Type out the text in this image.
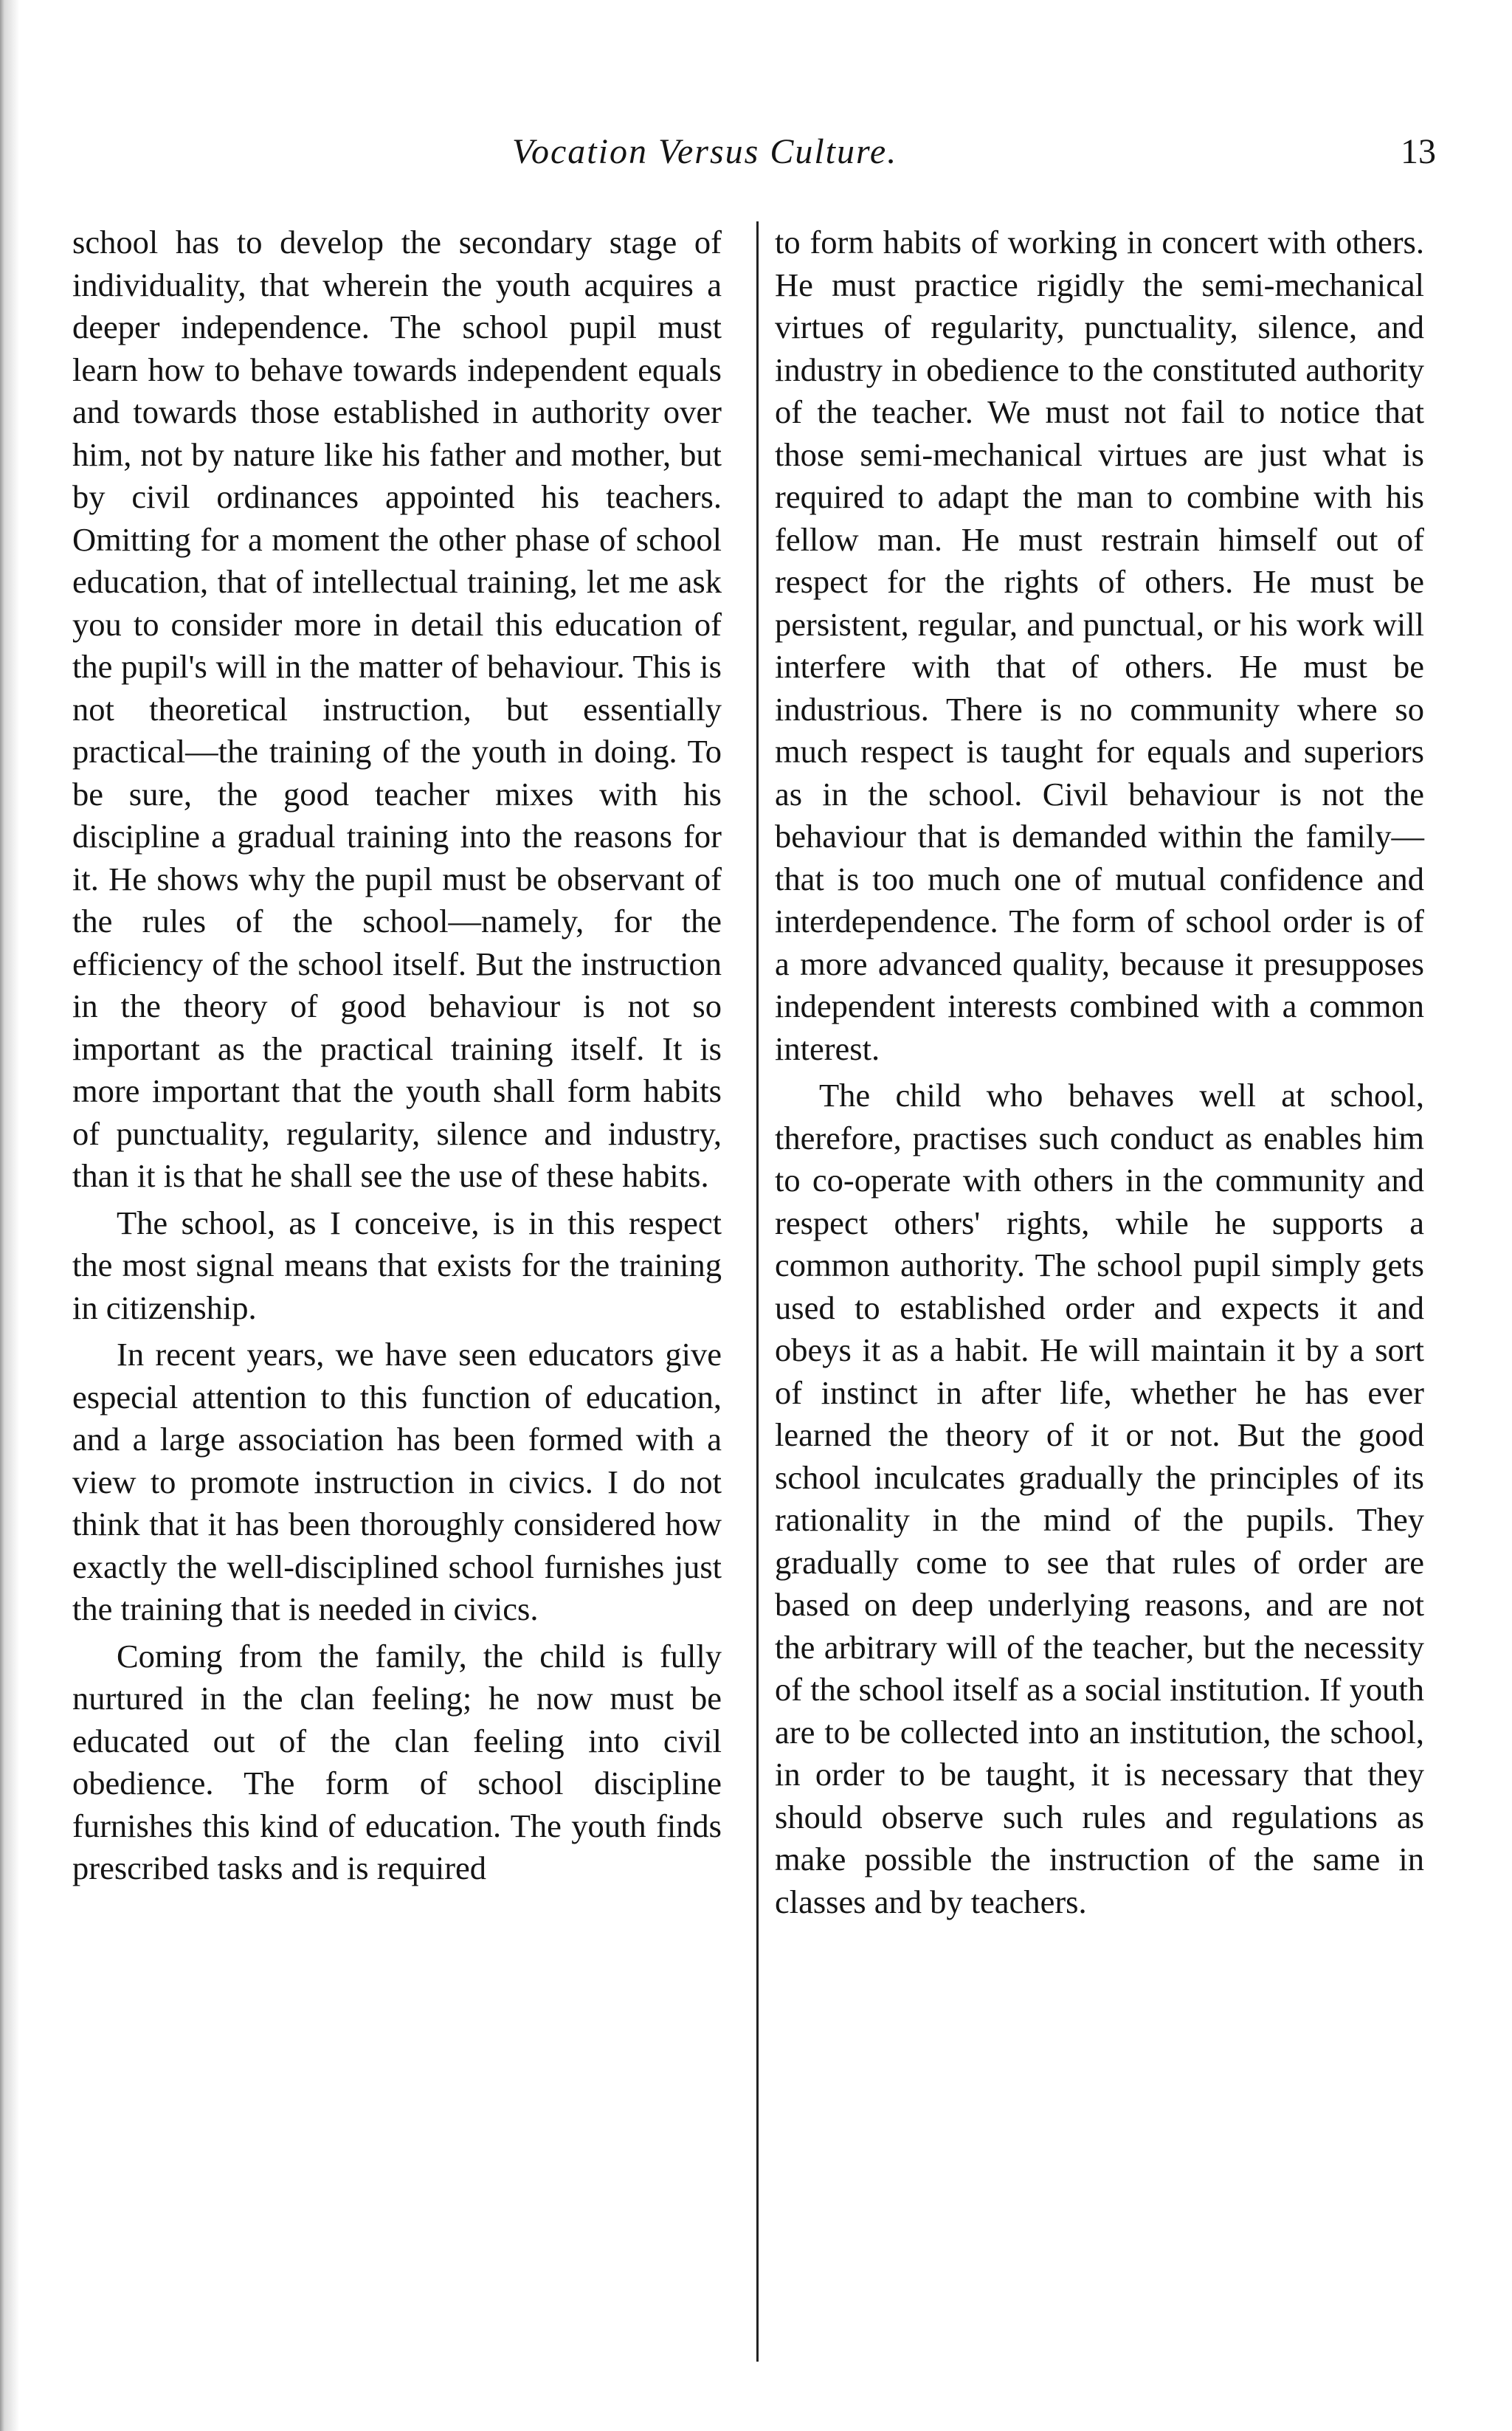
Vocation Versus Culture.	13

school has to develop the secondary stage of individuality, that wherein the youth acquires a deeper independence. The school pupil must learn how to behave towards independent equals and towards those established in authority over him, not by nature like his father and mother, but by civil ordinances appointed his teachers. Omitting for a moment the other phase of school education, that of intellectual training, let me ask you to consider more in detail this education of the pupil's will in the matter of behaviour. This is not theoretical instruction, but essentially practical—the training of the youth in doing. To be sure, the good teacher mixes with his discipline a gradual training into the reasons for it. He shows why the pupil must be observant of the rules of the school—namely, for the efficiency of the school itself. But the instruction in the theory of good behaviour is not so important as the practical training itself. It is more important that the youth shall form habits of punctuality, regularity, silence and industry, than it is that he shall see the use of these habits.

The school, as I conceive, is in this respect the most signal means that exists for the training in citizenship.

In recent years, we have seen educators give especial attention to this function of education, and a large association has been formed with a view to promote instruction in civics. I do not think that it has been thoroughly considered how exactly the well-disciplined school furnishes just the training that is needed in civics.

Coming from the family, the child is fully nurtured in the clan feeling; he now must be educated out of the clan feeling into civil obedience. The form of school discipline furnishes this kind of education. The youth finds prescribed tasks and is required

to form habits of working in concert with others. He must practice rigidly the semi-mechanical virtues of regularity, punctuality, silence, and industry in obedience to the constituted authority of the teacher. We must not fail to notice that those semi-mechanical virtues are just what is required to adapt the man to combine with his fellow man. He must restrain himself out of respect for the rights of others. He must be persistent, regular, and punctual, or his work will interfere with that of others. He must be industrious. There is no community where so much respect is taught for equals and superiors as in the school. Civil behaviour is not the behaviour that is demanded within the family—that is too much one of mutual confidence and interdependence. The form of school order is of a more advanced quality, because it presupposes independent interests combined with a common interest.

The child who behaves well at school, therefore, practises such conduct as enables him to co-operate with others in the community and respect others' rights, while he supports a common authority. The school pupil simply gets used to established order and expects it and obeys it as a habit. He will maintain it by a sort of instinct in after life, whether he has ever learned the theory of it or not. But the good school inculcates gradually the principles of its rationality in the mind of the pupils. They gradually come to see that rules of order are based on deep underlying reasons, and are not the arbitrary will of the teacher, but the necessity of the school itself as a social institution. If youth are to be collected into an institution, the school, in order to be taught, it is necessary that they should observe such rules and regulations as make possible the instruction of the same in classes and by teachers.
